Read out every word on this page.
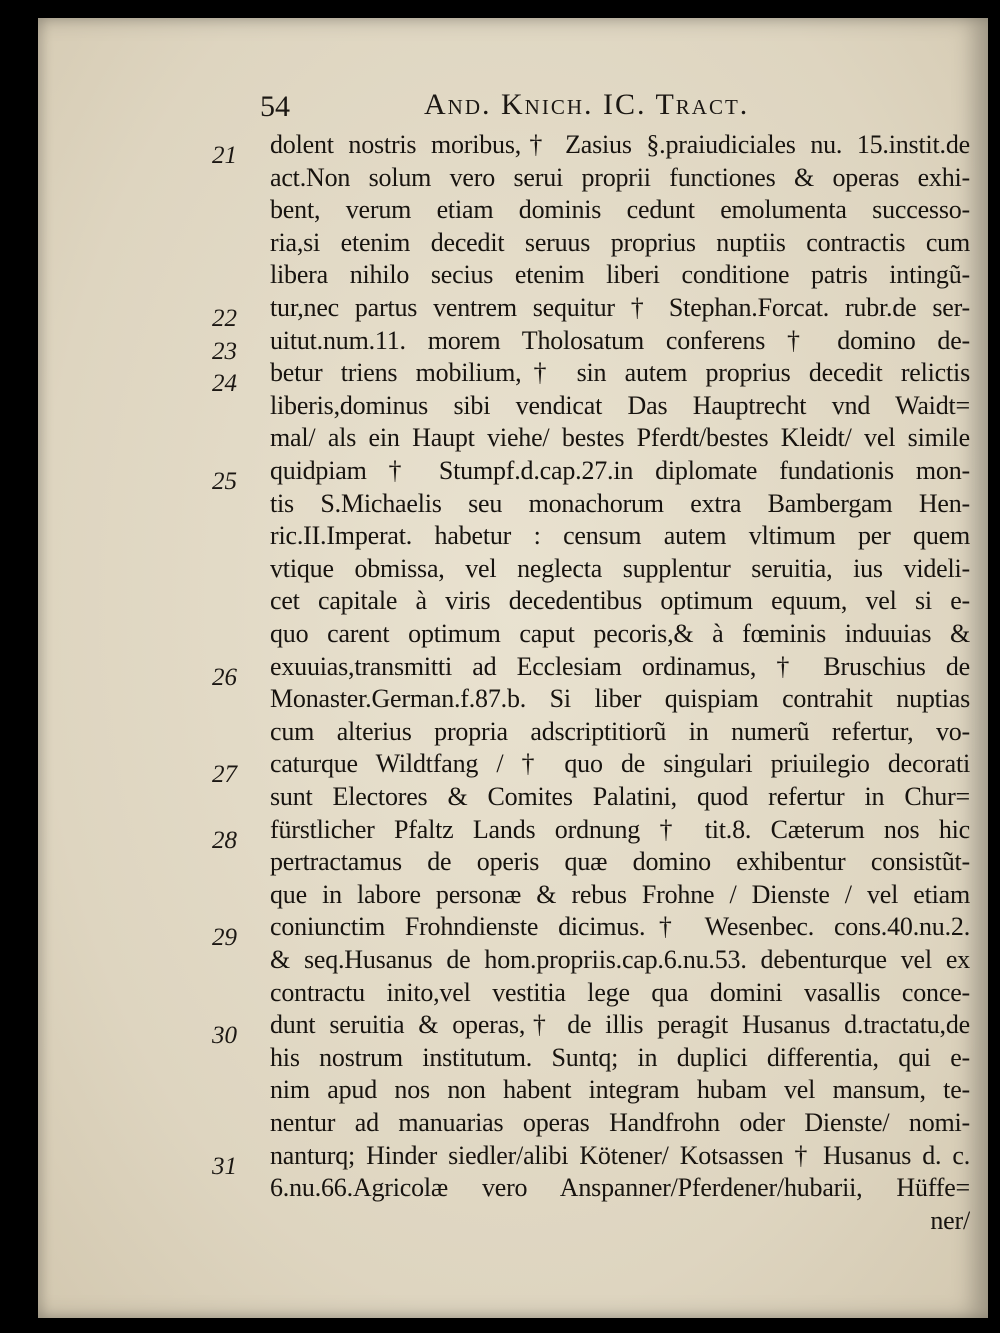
54	And. Knich. IC. Tract.
dolent nostris moribus,† Zasius §.praiudiciales nu. 15.instit.de
act.Non solum vero serui proprii functiones & operas exhi-
bent, verum etiam dominis cedunt emolumenta successo-
ria,si etenim decedit seruus proprius nuptiis contractis cum
libera nihilo secius etenim liberi conditione patris intingũ-
tur,nec partus ventrem sequitur † Stephan.Forcat. rubr.de ser-
uitut.num.11. morem Tholosatum conferens † domino de-
betur triens mobilium,† sin autem proprius decedit relictis
liberis,dominus sibi vendicat Das Hauptrecht vnd Waidt=
mal/ als ein Haupt viehe/ bestes Pferdt/bestes Kleidt/ vel simile
quidpiam † Stumpf.d.cap.27.in diplomate fundationis mon-
tis S.Michaelis seu monachorum extra Bambergam Hen-
ric.II.Imperat. habetur : censum autem vltimum per quem
vtique obmissa, vel neglecta supplentur seruitia, ius videli-
cet capitale à viris decedentibus optimum equum, vel si e-
quo carent optimum caput pecoris,& à fœminis induuias &
exuuias,transmitti ad Ecclesiam ordinamus, † Bruschius de
Monaster.German.f.87.b. Si liber quispiam contrahit nuptias
cum alterius propria adscriptitiorũ in numerũ refertur, vo-
caturque Wildtfang / † quo de singulari priuilegio decorati
sunt Electores & Comites Palatini, quod refertur in Chur=
fürstlicher Pfaltz Lands ordnung † tit.8. Cæterum nos hic
pertractamus de operis quæ domino exhibentur consistũt-
que in labore personæ & rebus Frohne / Dienste / vel etiam
coniunctim Frohndienste dicimus.† Wesenbec. cons.40.nu.2.
& seq.Husanus de hom.propriis.cap.6.nu.53. debenturque vel ex
contractu inito,vel vestitia lege qua domini vasallis conce-
dunt seruitia & operas,† de illis peragit Husanus d.tractatu,de
his nostrum institutum. Suntq; in duplici differentia, qui e-
nim apud nos non habent integram hubam vel mansum, te-
nentur ad manuarias operas Handfrohn oder Dienste/ nomi-
nanturq; Hinder siedler/alibi Kötener/ Kotsassen † Husanus d. c.
6.nu.66.Agricolæ vero Anspanner/Pferdener/hubarii, Hüffe=
ner/
21
22
23
24
25
26
27
28
29
30
31
